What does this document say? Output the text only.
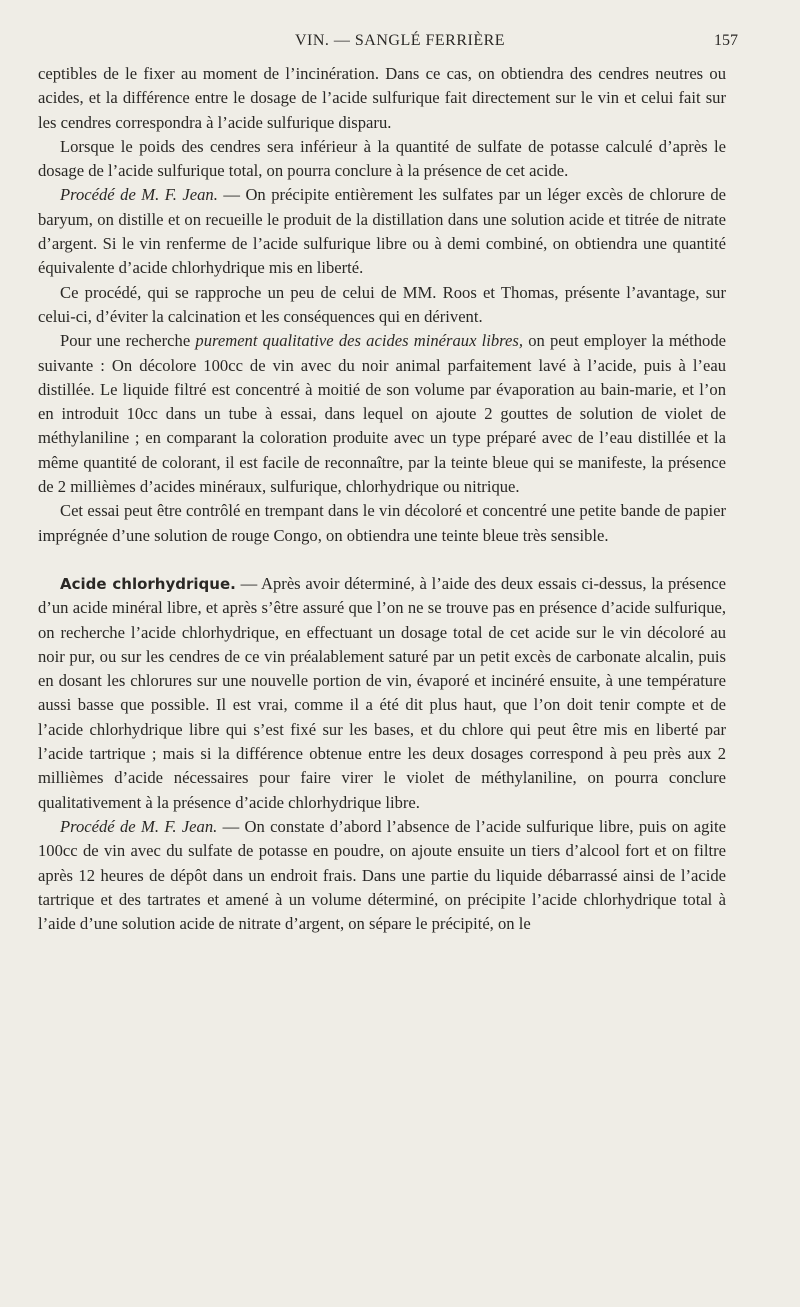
VIN. — SANGLÉ FERRIÈRE	157

ceptibles de le fixer au moment de l’incinération. Dans ce cas, on obtiendra des cendres neutres ou acides, et la différence entre le dosage de l’acide sulfurique fait directement sur le vin et celui fait sur les cendres correspondra à l’acide sulfurique disparu.

Lorsque le poids des cendres sera inférieur à la quantité de sulfate de potasse calculé d’après le dosage de l’acide sulfurique total, on pourra conclure à la présence de cet acide.

Procédé de M. F. Jean. — On précipite entièrement les sulfates par un léger excès de chlorure de baryum, on distille et on recueille le produit de la distillation dans une solution acide et titrée de nitrate d’argent. Si le vin renferme de l’acide sulfurique libre ou à demi combiné, on obtiendra une quantité équivalente d’acide chlorhydrique mis en liberté.

Ce procédé, qui se rapproche un peu de celui de MM. Roos et Thomas, présente l’avantage, sur celui-ci, d’éviter la calcination et les conséquences qui en dérivent.

Pour une recherche purement qualitative des acides minéraux libres, on peut employer la méthode suivante : On décolore 100cc de vin avec du noir animal parfaitement lavé à l’acide, puis à l’eau distillée. Le liquide filtré est concentré à moitié de son volume par évaporation au bain-marie, et l’on en introduit 10cc dans un tube à essai, dans lequel on ajoute 2 gouttes de solution de violet de méthylaniline ; en comparant la coloration produite avec un type préparé avec de l’eau distillée et la même quantité de colorant, il est facile de reconnaître, par la teinte bleue qui se manifeste, la présence de 2 millièmes d’acides minéraux, sulfurique, chlorhydrique ou nitrique.

Cet essai peut être contrôlé en trempant dans le vin décoloré et concentré une petite bande de papier imprégnée d’une solution de rouge Congo, on obtiendra une teinte bleue très sensible.

Acide chlorhydrique. — Après avoir déterminé, à l’aide des deux essais ci-dessus, la présence d’un acide minéral libre, et après s’être assuré que l’on ne se trouve pas en présence d’acide sulfurique, on recherche l’acide chlorhydrique, en effectuant un dosage total de cet acide sur le vin décoloré au noir pur, ou sur les cendres de ce vin préalablement saturé par un petit excès de carbonate alcalin, puis en dosant les chlorures sur une nouvelle portion de vin, évaporé et incinéré ensuite, à une température aussi basse que possible. Il est vrai, comme il a été dit plus haut, que l’on doit tenir compte et de l’acide chlorhydrique libre qui s’est fixé sur les bases, et du chlore qui peut être mis en liberté par l’acide tartrique ; mais si la différence obtenue entre les deux dosages correspond à peu près aux 2 millièmes d’acide nécessaires pour faire virer le violet de méthylaniline, on pourra conclure qualitativement à la présence d’acide chlorhydrique libre.

Procédé de M. F. Jean. — On constate d’abord l’absence de l’acide sulfurique libre, puis on agite 100cc de vin avec du sulfate de potasse en poudre, on ajoute ensuite un tiers d’alcool fort et on filtre après 12 heures de dépôt dans un endroit frais. Dans une partie du liquide débarrassé ainsi de l’acide tartrique et des tartrates et amené à un volume déterminé, on précipite l’acide chlorhydrique total à l’aide d’une solution acide de nitrate d’argent, on sépare le précipité, on le
